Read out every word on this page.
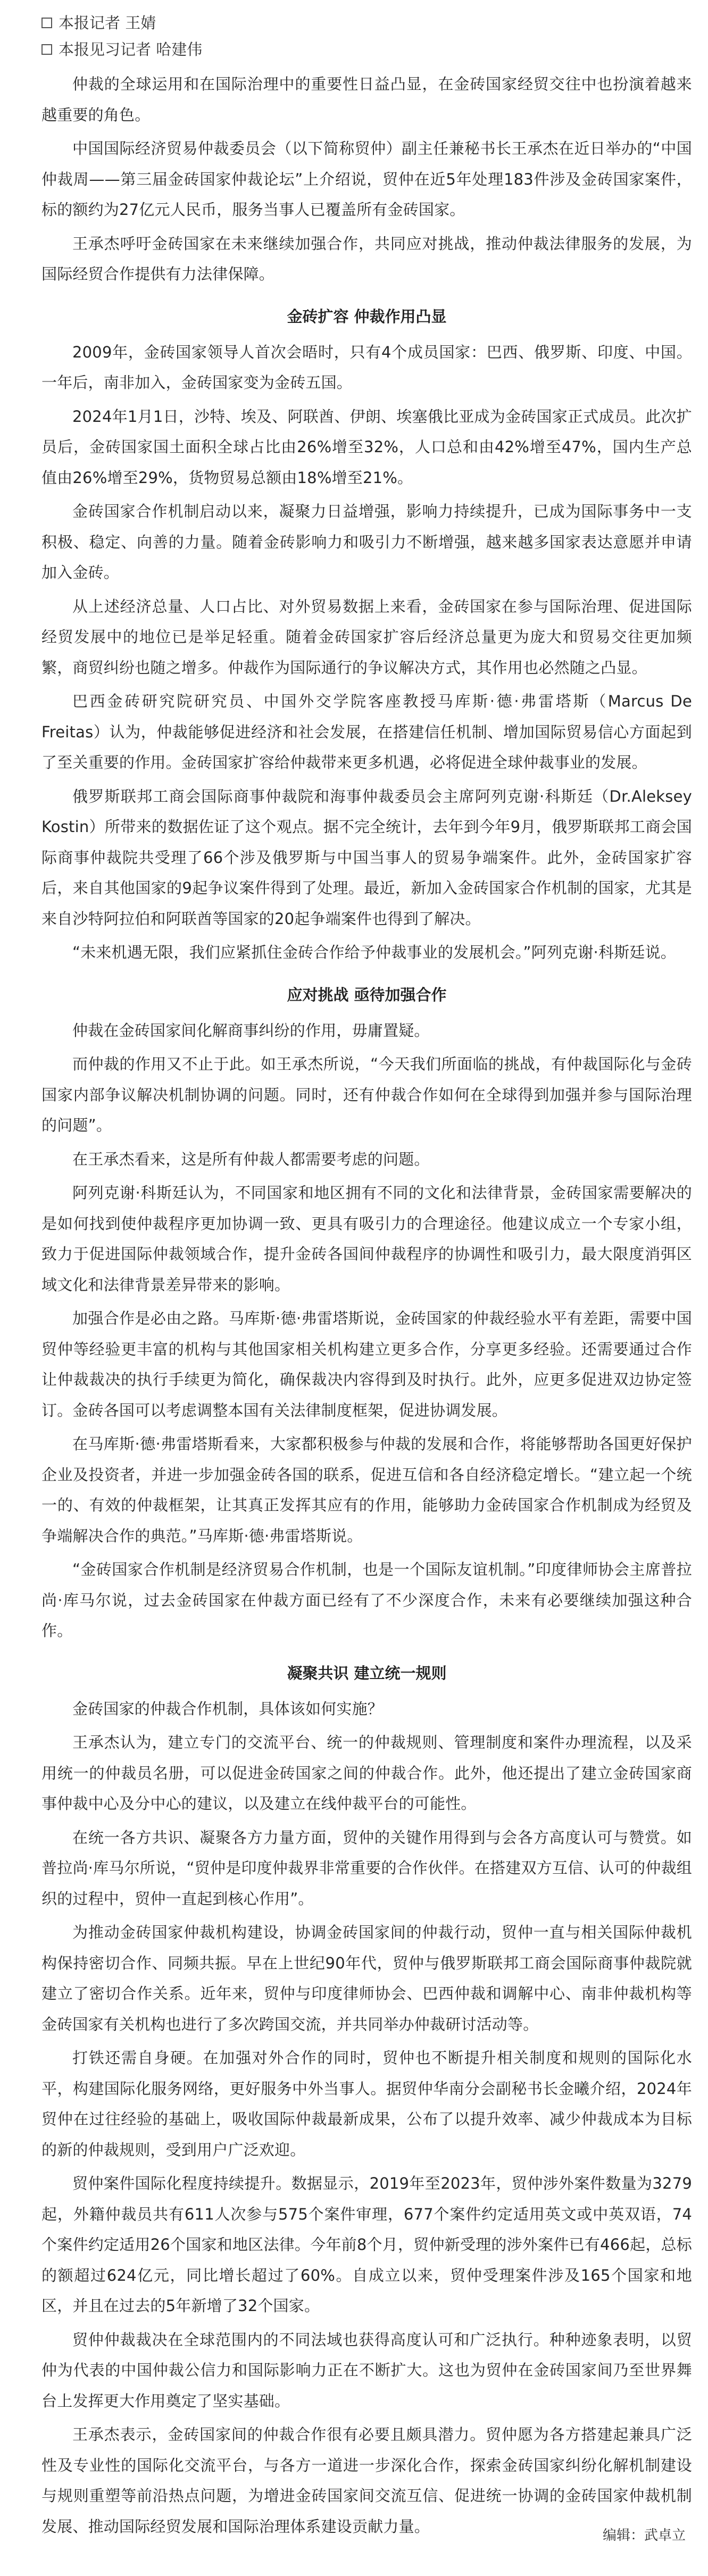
本报记者 王婧
本报见习记者 哈建伟

仲裁的全球运用和在国际治理中的重要性日益凸显，在金砖国家经贸交往中也扮演着越来越重要的角色。

中国国际经济贸易仲裁委员会（以下简称贸仲）副主任兼秘书长王承杰在近日举办的“中国仲裁周——第三届金砖国家仲裁论坛”上介绍说，贸仲在近5年处理183件涉及金砖国家案件，标的额约为27亿元人民币，服务当事人已覆盖所有金砖国家。

王承杰呼吁金砖国家在未来继续加强合作，共同应对挑战，推动仲裁法律服务的发展，为国际经贸合作提供有力法律保障。

金砖扩容 仲裁作用凸显

2009年，金砖国家领导人首次会晤时，只有4个成员国家：巴西、俄罗斯、印度、中国。一年后，南非加入，金砖国家变为金砖五国。

2024年1月1日，沙特、埃及、阿联酋、伊朗、埃塞俄比亚成为金砖国家正式成员。此次扩员后，金砖国家国土面积全球占比由26%增至32%，人口总和由42%增至47%，国内生产总值由26%增至29%，货物贸易总额由18%增至21%。

金砖国家合作机制启动以来，凝聚力日益增强，影响力持续提升，已成为国际事务中一支积极、稳定、向善的力量。随着金砖影响力和吸引力不断增强，越来越多国家表达意愿并申请加入金砖。

从上述经济总量、人口占比、对外贸易数据上来看，金砖国家在参与国际治理、促进国际经贸发展中的地位已是举足轻重。随着金砖国家扩容后经济总量更为庞大和贸易交往更加频繁，商贸纠纷也随之增多。仲裁作为国际通行的争议解决方式，其作用也必然随之凸显。

巴西金砖研究院研究员、中国外交学院客座教授马库斯·德·弗雷塔斯（Marcus De Freitas）认为，仲裁能够促进经济和社会发展，在搭建信任机制、增加国际贸易信心方面起到了至关重要的作用。金砖国家扩容给仲裁带来更多机遇，必将促进全球仲裁事业的发展。

俄罗斯联邦工商会国际商事仲裁院和海事仲裁委员会主席阿列克谢·科斯廷（Dr.Aleksey Kostin）所带来的数据佐证了这个观点。据不完全统计，去年到今年9月，俄罗斯联邦工商会国际商事仲裁院共受理了66个涉及俄罗斯与中国当事人的贸易争端案件。此外，金砖国家扩容后，来自其他国家的9起争议案件得到了处理。最近，新加入金砖国家合作机制的国家，尤其是来自沙特阿拉伯和阿联酋等国家的20起争端案件也得到了解决。

“未来机遇无限，我们应紧抓住金砖合作给予仲裁事业的发展机会。”阿列克谢·科斯廷说。

应对挑战 亟待加强合作

仲裁在金砖国家间化解商事纠纷的作用，毋庸置疑。

而仲裁的作用又不止于此。如王承杰所说，“今天我们所面临的挑战，有仲裁国际化与金砖国家内部争议解决机制协调的问题。同时，还有仲裁合作如何在全球得到加强并参与国际治理的问题”。

在王承杰看来，这是所有仲裁人都需要考虑的问题。

阿列克谢·科斯廷认为，不同国家和地区拥有不同的文化和法律背景，金砖国家需要解决的是如何找到使仲裁程序更加协调一致、更具有吸引力的合理途径。他建议成立一个专家小组，致力于促进国际仲裁领域合作，提升金砖各国间仲裁程序的协调性和吸引力，最大限度消弭区域文化和法律背景差异带来的影响。

加强合作是必由之路。马库斯·德·弗雷塔斯说，金砖国家的仲裁经验水平有差距，需要中国贸仲等经验更丰富的机构与其他国家相关机构建立更多合作，分享更多经验。还需要通过合作让仲裁裁决的执行手续更为简化，确保裁决内容得到及时执行。此外，应更多促进双边协定签订。金砖各国可以考虑调整本国有关法律制度框架，促进协调发展。

在马库斯·德·弗雷塔斯看来，大家都积极参与仲裁的发展和合作，将能够帮助各国更好保护企业及投资者，并进一步加强金砖各国的联系，促进互信和各自经济稳定增长。“建立起一个统一的、有效的仲裁框架，让其真正发挥其应有的作用，能够助力金砖国家合作机制成为经贸及争端解决合作的典范。”马库斯·德·弗雷塔斯说。

“金砖国家合作机制是经济贸易合作机制，也是一个国际友谊机制。”印度律师协会主席普拉尚·库马尔说，过去金砖国家在仲裁方面已经有了不少深度合作，未来有必要继续加强这种合作。

凝聚共识 建立统一规则

金砖国家的仲裁合作机制，具体该如何实施？

王承杰认为，建立专门的交流平台、统一的仲裁规则、管理制度和案件办理流程，以及采用统一的仲裁员名册，可以促进金砖国家之间的仲裁合作。此外，他还提出了建立金砖国家商事仲裁中心及分中心的建议，以及建立在线仲裁平台的可能性。

在统一各方共识、凝聚各方力量方面，贸仲的关键作用得到与会各方高度认可与赞赏。如普拉尚·库马尔所说，“贸仲是印度仲裁界非常重要的合作伙伴。在搭建双方互信、认可的仲裁组织的过程中，贸仲一直起到核心作用”。

为推动金砖国家仲裁机构建设，协调金砖国家间的仲裁行动，贸仲一直与相关国际仲裁机构保持密切合作、同频共振。早在上世纪90年代，贸仲与俄罗斯联邦工商会国际商事仲裁院就建立了密切合作关系。近年来，贸仲与印度律师协会、巴西仲裁和调解中心、南非仲裁机构等金砖国家有关机构也进行了多次跨国交流，并共同举办仲裁研讨活动等。

打铁还需自身硬。在加强对外合作的同时，贸仲也不断提升相关制度和规则的国际化水平，构建国际化服务网络，更好服务中外当事人。据贸仲华南分会副秘书长金曦介绍，2024年贸仲在过往经验的基础上，吸收国际仲裁最新成果，公布了以提升效率、减少仲裁成本为目标的新的仲裁规则，受到用户广泛欢迎。

贸仲案件国际化程度持续提升。数据显示，2019年至2023年，贸仲涉外案件数量为3279起，外籍仲裁员共有611人次参与575个案件审理，677个案件约定适用英文或中英双语，74个案件约定适用26个国家和地区法律。今年前8个月，贸仲新受理的涉外案件已有466起，总标的额超过624亿元，同比增长超过了60%。自成立以来，贸仲受理案件涉及165个国家和地区，并且在过去的5年新增了32个国家。

贸仲仲裁裁决在全球范围内的不同法域也获得高度认可和广泛执行。种种迹象表明，以贸仲为代表的中国仲裁公信力和国际影响力正在不断扩大。这也为贸仲在金砖国家间乃至世界舞台上发挥更大作用奠定了坚实基础。

王承杰表示，金砖国家间的仲裁合作很有必要且颇具潜力。贸仲愿为各方搭建起兼具广泛性及专业性的国际化交流平台，与各方一道进一步深化合作，探索金砖国家纠纷化解机制建设与规则重塑等前沿热点问题，为增进金砖国家间交流互信、促进统一协调的金砖国家仲裁机制发展、推动国际经贸发展和国际治理体系建设贡献力量。

编辑：武卓立
